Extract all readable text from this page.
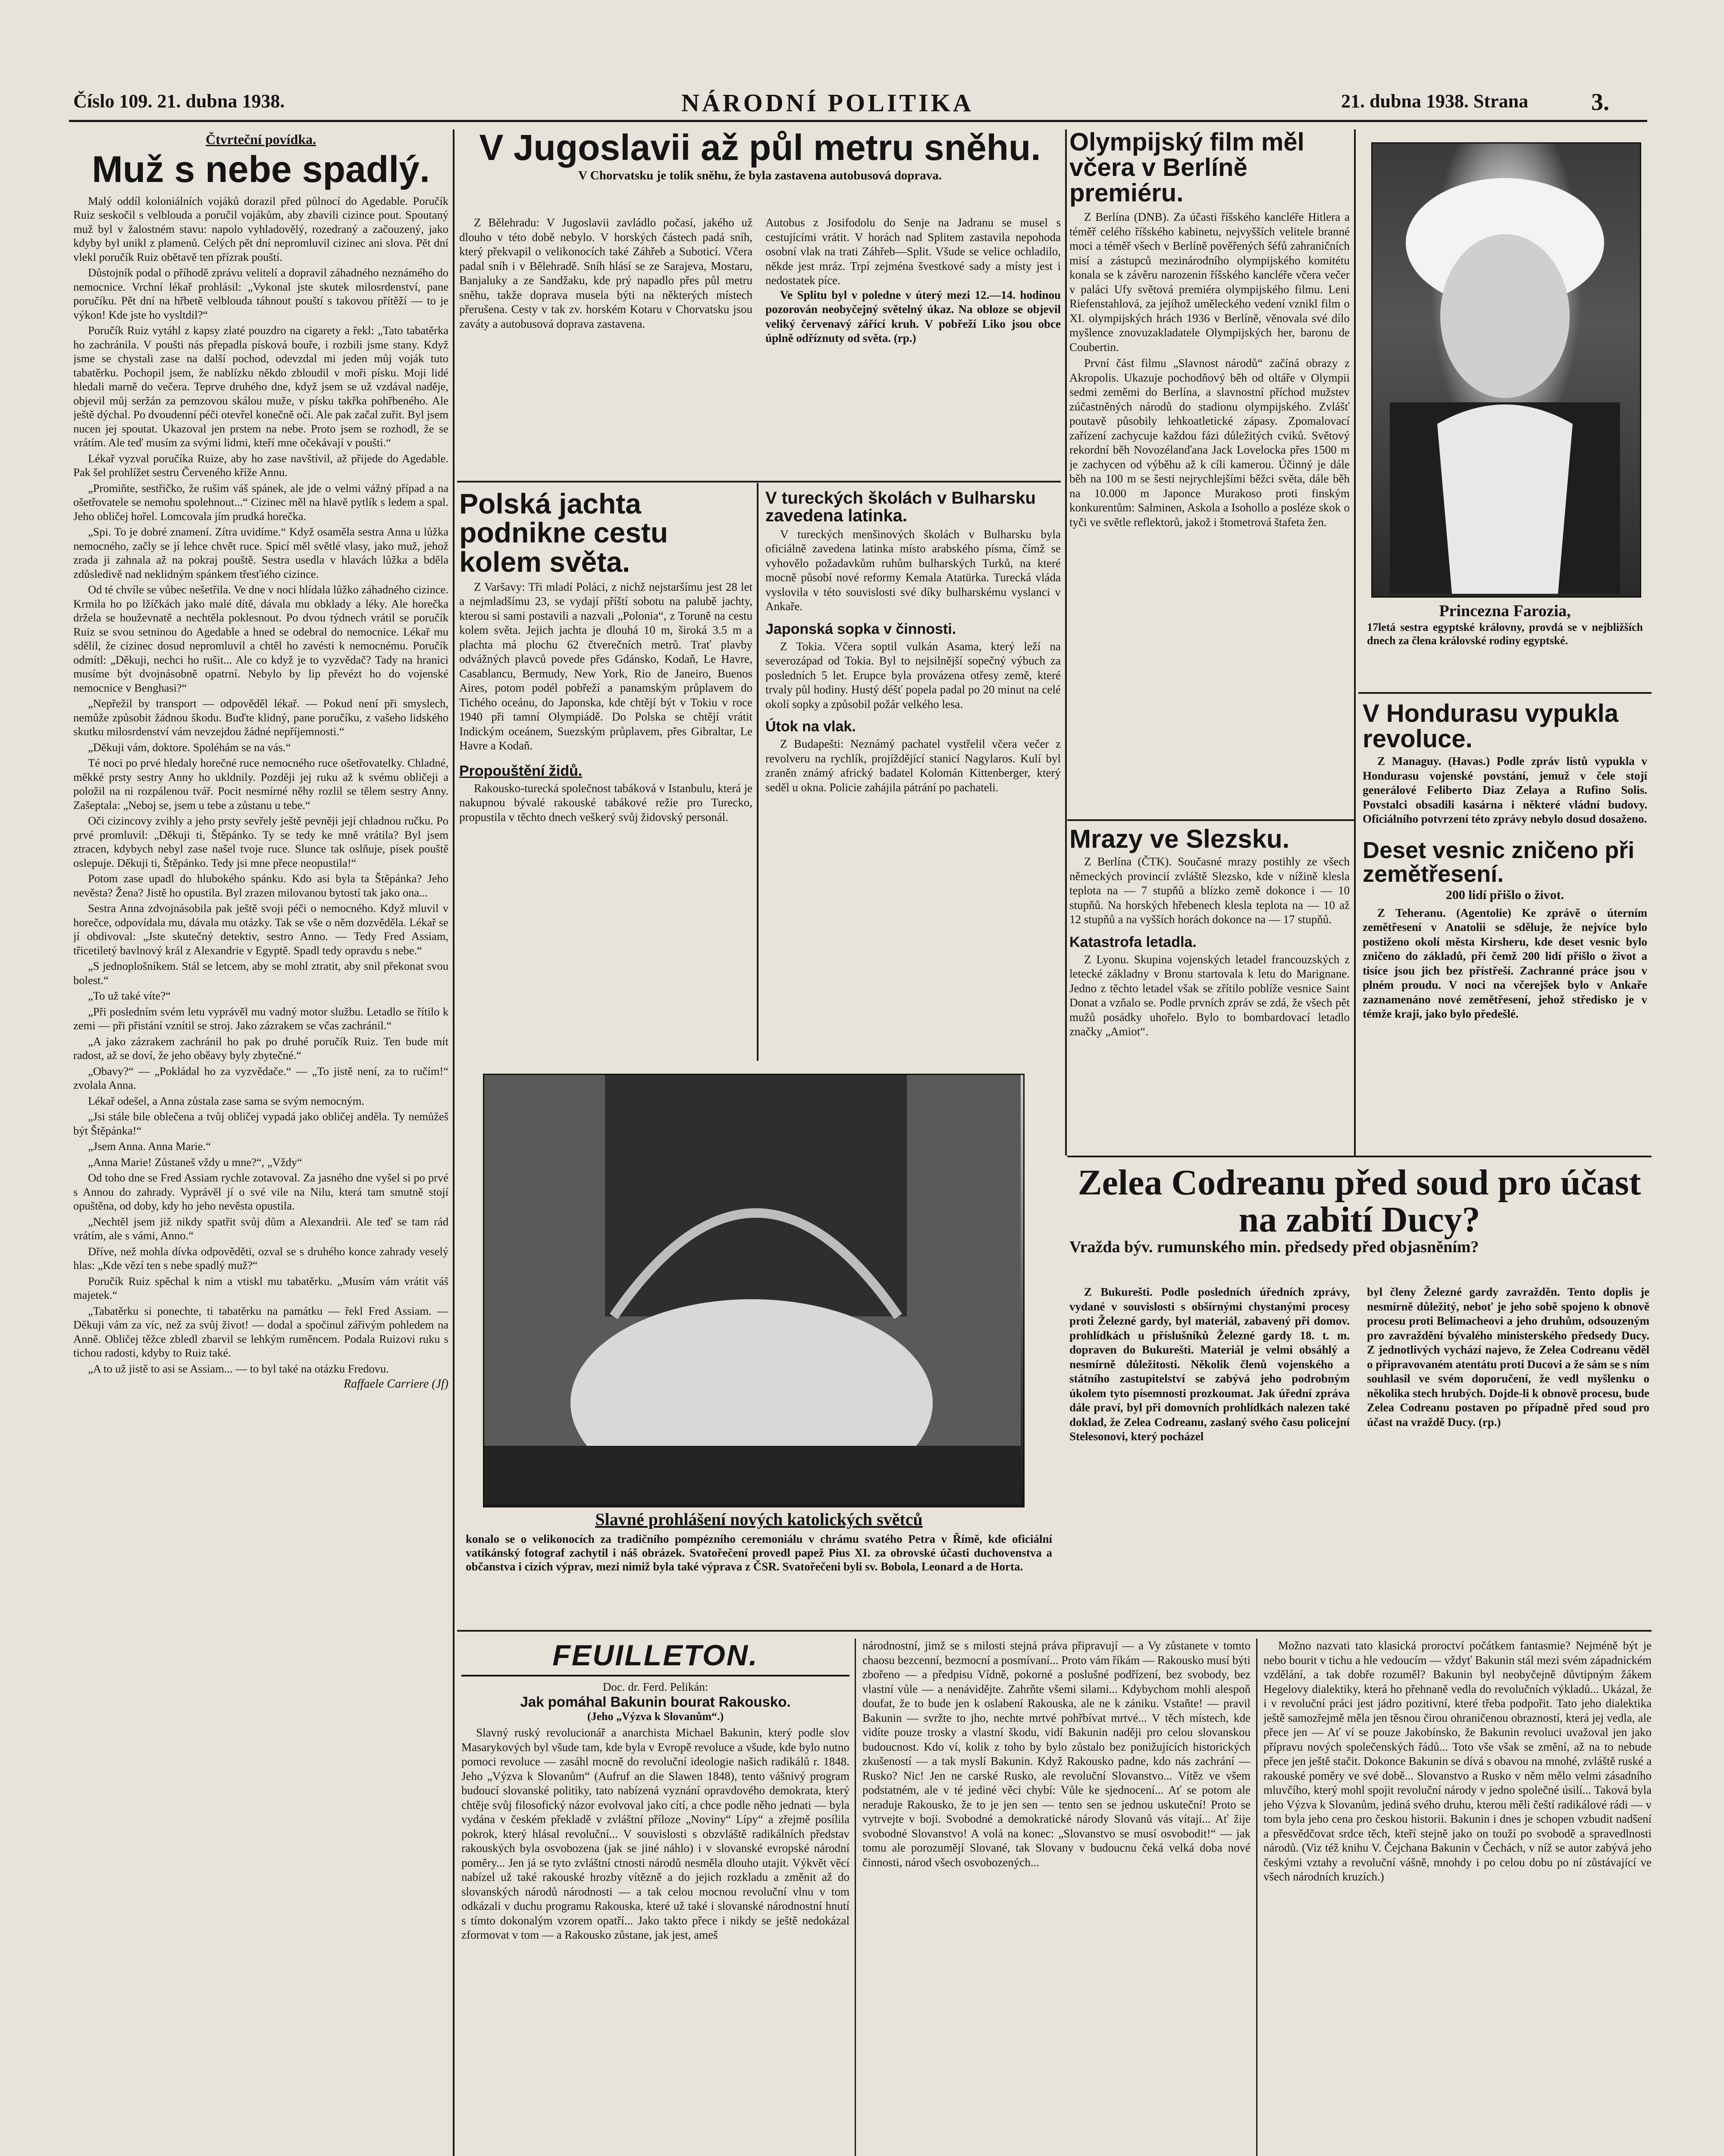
Číslo 109. 21. dubna 1938.	NÁRODNÍ POLITIKA	21. dubna 1938. Strana	3.

Čtvrteční povídka.

Muž s nebe spadlý.

Malý oddíl koloniálních vojáků dorazil před půlnocí do Agedable. Poručík Ruiz seskočil s velblouda a poručil vojákům, aby zbavili cizince pout. Spoutaný muž byl v žalostném stavu: napolo vyhladovělý, rozedraný a začouzený, jako kdyby byl unikl z plamenů. Celých pět dní nepromluvil cizinec ani slova. Pět dní vlekl poručík Ruiz obětavě ten přízrak pouští.

Důstojník podal o příhodě zprávu velitelí a dopravil záhadného neznámého do nemocnice. Vrchní lékař prohlásil: „Vykonal jste skutek milosrdenství, pane poručíku. Pět dní na hřbetě velblouda táhnout pouští s takovou přítěží — to je výkon! Kde jste ho vysltdil?“

Poručík Ruiz vytáhl z kapsy zlaté pouzdro na cigarety a řekl: „Tato tabatěrka ho zachránila. V poušti nás přepadla písková bouře, i rozbili jsme stany. Když jsme se chystali zase na další pochod, odevzdal mi jeden můj voják tuto tabatěrku. Pochopil jsem, že nablízku někdo zbloudil v moři písku. Moji lidé hledali marně do večera. Teprve druhého dne, když jsem se už vzdával naděje, objevil můj seržán za pemzovou skálou muže, v písku takřka pohřbeného. Ale ještě dýchal. Po dvoudenní péči otevřel konečně oči. Ale pak začal zuřit. Byl jsem nucen jej spoutat. Ukazoval jen prstem na nebe. Proto jsem se rozhodl, že se vrátím. Ale teď musím za svými lidmi, kteří mne očekávají v poušti.“

Lékař vyzval poručíka Ruize, aby ho zase navštívil, až přijede do Agedable. Pak šel prohlížet sestru Červeného kříže Annu.

„Promiňte, sestřičko, že rušim váš spánek, ale jde o velmi vážný případ a na ošetřovatele se nemohu spolehnout...“ Cizinec měl na hlavě pytlík s ledem a spal. Jeho obličej hořel. Lomcovala jím prudká horečka.

„Spi. To je dobré znamení. Zítra uvidíme.“ Když osaměla sestra Anna u lůžka nemocného, začly se jí lehce chvět ruce. Spicí měl světlé vlasy, jako muž, jehož zrada ji zahnala až na pokraj pouště. Sestra usedla v hlavách lůžka a bděla zdůsledivě nad neklidným spánkem třesťiého cizince.

Od té chvíle se vůbec nešetřila. Ve dne v noci hlídala lůžko záhadného cizince. Krmila ho po lžíčkách jako malé dítě, dávala mu obklady a léky. Ale horečka držela se houževnatě a nechtěla poklesnout. Po dvou týdnech vrátil se poručík Ruiz se svou setninou do Agedable a hned se odebral do nemocnice. Lékař mu sdělil, že cizinec dosud nepromluvil a chtěl ho zavésti k nemocnému. Poručík odmítl: „Děkuji, nechci ho rušit... Ale co když je to vyzvědač? Tady na hranici musíme být dvojnásobně opatrní. Nebylo by lip převézt ho do vojenské nemocnice v Benghasi?“

„Nepřežil by transport — odpověděl lékař. — Pokud není při smyslech, nemůže způsobit žádnou škodu. Buďte klidný, pane poručíku, z vašeho lidského skutku milosrdenství vám nevzejdou žádné nepříjemnosti.“

„Děkuji vám, doktore. Spoléhám se na vás.“

Té noci po prvé hledaly horečné ruce nemocného ruce ošetřovatelky. Chladné, měkké prsty sestry Anny ho ukldnily. Později jej ruku až k svému obličeji a položil na ni rozpálenou tvář. Pocit nesmírné něhy rozlil se tělem sestry Anny. Zašeptala: „Neboj se, jsem u tebe a zůstanu u tebe.“

Oči cizincovy zvihly a jeho prsty sevřely ještě pevněji její chladnou ručku. Po prvé promluvil: „Děkuji ti, Štěpánko. Ty se tedy ke mně vrátila? Byl jsem ztracen, kdybych nebyl zase našel tvoje ruce. Slunce tak oslňuje, písek pouště oslepuje. Děkuji ti, Štěpánko. Tedy jsi mne přece neopustila!“

Potom zase upadl do hlubokého spánku. Kdo asi byla ta Štěpánka? Jeho nevěsta? Žena? Jistě ho opustila. Byl zrazen milovanou bytostí tak jako ona...

Sestra Anna zdvojnásobila pak ještě svoji péči o nemocného. Když mluvil v horečce, odpovídala mu, dávala mu otázky. Tak se vše o něm dozvěděla. Lékař se jí obdivoval: „Jste skutečný detektiv, sestro Anno. — Tedy Fred Assiam, třicetiletý bavlnový král z Alexandrie v Egyptě. Spadl tedy opravdu s nebe.“

„S jednoplošníkem. Stál se letcem, aby se mohl ztratit, aby snil překonat svou bolest.“

„To už také víte?“

„Při posledním svém letu vyprávěl mu vadný motor službu. Letadlo se řítilo k zemi — při přistání vznítil se stroj. Jako zázrakem se včas zachránil.“

„A jako zázrakem zachránil ho pak po druhé poručík Ruiz. Ten bude mít radost, až se doví, že jeho oběavy byly zbytečné.“

„Obavy?“ — „Pokládal ho za vyzvědače.“ — „To jistě není, za to ručím!“ zvolala Anna.

Lékař odešel, a Anna zůstala zase sama se svým nemocným.

„Jsi stále bile oblečena a tvůj obličej vypadá jako obličej anděla. Ty nemůžeš být Štěpánka!“

„Jsem Anna. Anna Marie.“

„Anna Marie! Zůstaneš vždy u mne?“, „Vždy“

Od toho dne se Fred Assiam rychle zotavoval. Za jasného dne vyšel si po prvé s Annou do zahrady. Vyprávěl jí o své vile na Nilu, která tam smutně stojí opuštěna, od doby, kdy ho jeho nevěsta opustila.

„Nechtěl jsem již nikdy spatřit svůj dům a Alexandrii. Ale teď se tam rád vrátím, ale s vámi, Anno.“

Dříve, než mohla dívka odpověděti, ozval se s druhého konce zahrady veselý hlas: „Kde vězí ten s nebe spadlý muž?“

Poručík Ruiz spěchal k nim a vtiskl mu tabatěrku. „Musím vám vrátit váš majetek.“

„Tabatěrku si ponechte, ti tabatěrku na památku — řekl Fred Assiam. — Děkuji vám za víc, než za svůj život! — dodal a spočinul zářivým pohledem na Anně. Obličej těžce zbledl zbarvil se lehkým ruměncem. Podala Ruizovi ruku s tichou radosti, kdyby to Ruiz také.

„A to už jistě to asi se Assiam... — to byl také na otázku Fredovu.

Raffaele Carriere (Jf)

V Jugoslavii až půl metru sněhu.

V Chorvatsku je tolik sněhu, že byla zastavena autobusová doprava.

Z Bělehradu: V Jugoslavii zavládlo počasí, jakého už dlouho v této době nebylo. V horských částech padá sníh, který překvapil o velikonocích také Záhřeb a Suboticí. Včera padal sníh i v Bělehradě. Sníh hlásí se ze Sarajeva, Mostaru, Banjaluky a ze Sandžaku, kde prý napadlo přes půl metru sněhu, takže doprava musela býti na některých místech přerušena. Cesty v tak zv. horském Kotaru v Chorvatsku jsou zaváty a autobusová doprava zastavena.
Autobus z Josifodolu do Senje na Jadranu se musel s cestujícími vrátit. V horách nad Splitem zastavila nepohoda osobní vlak na trati Záhřeb—Split. Všude se velice ochladilo, někde jest mráz. Trpí zejména švestkové sady a místy jest i nedostatek píce.
Ve Splitu byl v poledne v úterý mezi 12.—14. hodinou pozorován neobyčejný světelný úkaz. Na obloze se objevil veliký červenavý zářící kruh. V pobřeží Liko jsou obce úplně odříznuty od světa. (rp.)
Olympijský film měl včera v Berlíně premiéru.

Z Berlína (DNB). Za účasti říšského kancléře Hitlera a téměř celého říšského kabinetu, nejvyšších velitele branné moci a téměř všech v Berlíně pověřených šéfů zahraničních misí a zástupců mezinárodního olympijského komitétu konala se k závěru narozenin říšského kancléře včera večer v paláci Ufy světová premiéra olympijského filmu. Leni Riefenstahlová, za jejíhož uměleckého vedení vznikl film o XI. olympijských hrách 1936 v Berlíně, věnovala své dílo myšlence znovuzakladatele Olympijských her, baronu de Coubertin.

První část filmu „Slavnost národů“ začíná obrazy z Akropolis. Ukazuje pochodňový běh od oltáře v Olympii sedmi zeměmi do Berlína, a slavnostní příchod mužstev zúčastněných národů do stadionu olympijského. Zvlášť poutavě působily lehkoatletické zápasy. Zpomalovací zařízení zachycuje každou fázi důležitých cviků. Světový rekordní běh Novozélanďana Jack Lovelocka přes 1500 m je zachycen od výběhu až k cíli kamerou. Účinný je dále běh na 100 m se šesti nejrychlejšími běžci světa, dále běh na 10.000 m Japonce Murakoso proti finským konkurentům: Salminen, Askola a Isohollo a posléze skok o tyči ve světle reflektorů, jakož i štometrová štafeta žen.

Princezna Farozia,

17letá sestra egyptské královny, provdá se v nejbližších dnech za člena královské rodiny egyptské.

V Hondurasu vypukla revoluce.
Z Managuy. (Havas.) Podle zpráv listů vypukla v Hondurasu vojenské povstání, jemuž v čele stojí generálové Feliberto Diaz Zelaya a Rufino Solis. Povstalci obsadili kasárna i některé vládní budovy. Oficiálního potvrzení této zprávy nebylo dosud dosaženo.
Deset vesnic zničeno při zemětřesení.

200 lidí přišlo o život.

Z Teheranu. (Agentolie) Ke zprávě o úterním zemětřesení v Anatolii se sděluje, že nejvíce bylo postiženo okolí města Kirsheru, kde deset vesnic bylo zničeno do základů, při čemž 200 lidí přišlo o život a tisíce jsou jich bez přístřeší. Zachranné práce jsou v plném proudu. V noci na včerejšek bylo v Ankaře zaznamenáno nové zemětřesení, jehož středisko je v témže kraji, jako bylo předešlé.
Polská jachta podnikne cestu kolem světa.
Z Varšavy: Tři mladí Poláci, z nichž nejstaršímu jest 28 let a nejmladšímu 23, se vydají příští sobotu na palubě jachty, kterou si sami postavili a nazvali „Polonia“, z Toruně na cestu kolem světa. Jejich jachta je dlouhá 10 m, široká 3.5 m a plachta má plochu 62 čtverečních metrů. Trať plavby odvážných plavců povede přes Gdánsko, Kodaň, Le Havre, Casablancu, Bermudy, New York, Rio de Janeiro, Buenos Aires, potom podél pobřeží a panamským průplavem do Tichého oceánu, do Japonska, kde chtějí být v Tokiu v roce 1940 při tamní Olympiádě. Do Polska se chtějí vrátit Indickým oceánem, Suezským průplavem, přes Gibraltar, Le Havre a Kodaň.

Propouštění židů.

Rakousko-turecká společnost tabáková v Istanbulu, která je nakupnou bývalé rakouské tabákové režie pro Turecko, propustila v těchto dnech veškerý svůj židovský personál.
V tureckých školách v Bulharsku zavedena latinka.
V tureckých menšinových školách v Bulharsku byla oficiálně zavedena latinka místo arabského písma, čímž se vyhovělo požadavkům ruhům bulharských Turků, na které mocně působí nové reformy Kemala Atatürka. Turecká vláda vyslovila v této souvislosti své díky bulharskému vyslanci v Ankaře.

Japonská sopka v činnosti.

Z Tokia. Včera soptil vulkán Asama, který leží na severozápad od Tokia. Byl to nejsilnější sopečný výbuch za posledních 5 let. Erupce byla provázena otřesy země, které trvaly půl hodiny. Hustý déšť popela padal po 20 minut na celé okolí sopky a způsobil požár velkého lesa.

Útok na vlak.

Z Budapešti: Neznámý pachatel vystřelil včera večer z revolveru na rychlík, projíždějící stanicí Nagylaros. Kulí byl zraněn známý africký badatel Kolomán Kittenberger, který seděl u okna. Policie zahájila pátrání po pachateli.
Mrazy ve Slezsku.
Z Berlína (ČTK). Současné mrazy postihly ze všech německých provincií zvláště Slezsko, kde v nížině klesla teplota na — 7 stupňů a blízko země dokonce i — 10 stupňů. Na horských hřebenech klesla teplota na — 10 až 12 stupňů a na vyšších horách dokonce na — 17 stupňů.

Katastrofa letadla.

Z Lyonu. Skupina vojenských letadel francouzských z letecké základny v Bronu startovala k letu do Marignane. Jedno z těchto letadel však se zřítilo poblíže vesnice Saint Donat a vzňalo se. Podle prvních zpráv se zdá, že všech pět mužů posádky uhořelo. Bylo to bombardovací letadlo značky „Amiot“.

Slavné prohlášení nových katolických světců

konalo se o velikonocích za tradičního pompézního ceremoniálu v chrámu svatého Petra v Římě, kde oficiální vatikánský fotograf zachytil i náš obrázek. Svatořečení provedl papež Pius XI. za obrovské účasti duchovenstva a občanstva i cizích výprav, mezi nimiž byla také výprava z ČSR. Svatořečeni byli sv. Bobola, Leonard a de Horta.

Zelea Codreanu před soud pro účast na zabití Ducy?

Vražda býv. rumunského min. předsedy před objasněním?

Z Bukurešti. Podle posledních úředních zprávy, vydané v souvislosti s obšírnými chystanými procesy proti Železné gardy, byl materiál, zabavený při domov. prohlídkách u příslušníků Železné gardy 18. t. m. dopraven do Bukurešti. Materiál je velmi obsáhlý a nesmírně důležitosti. Několik členů vojenského a státního zastupitelství se zabývá jeho podrobným úkolem tyto písemnosti prozkoumat. Jak úřední zpráva dále praví, byl při domovních prohlídkách nalezen také doklad, že Zelea Codreanu, zaslaný svého času policejní Stelesonovi, který pocházel
byl členy Železné gardy zavražděn. Tento doplis je nesmírně důležitý, neboť je jeho sobě spojeno k obnově procesu proti Belimacheovi a jeho druhům, odsouzeným pro zavraždění bývalého ministerského předsedy Ducy. Z jednotlivých vychází najevo, že Zelea Codreanu věděl o připravovaném atentátu proti Ducovi a že sám se s ním souhlasil ve svém doporučení, že vedl myšlenku o několika stech hrubých. Dojde-li k obnově procesu, bude Zelea Codreanu postaven po případně před soud pro účast na vraždě Ducy. (rp.)

FEUILLETON.

Doc. dr. Ferd. Pelikán:

Jak pomáhal Bakunin bourat Rakousko.

(Jeho „Výzva k Slovanům“.)

Slavný ruský revolucionář a anarchista Michael Bakunin, který podle slov Masarykových byl všude tam, kde byla v Evropě revoluce a všude, kde bylo nutno pomoci revoluce — zasáhl mocně do revoluční ideologie našich radikálů r. 1848. Jeho „Výzva k Slovanům“ (Aufruf an die Slawen 1848), tento vášnivý program budoucí slovanské politiky, tato nabízená vyznání opravdového demokrata, který chtěje svůj filosofický názor evolvoval jako cítí, a chce podle něho jednati — byla vydána v českém překladě v zvláštní příloze „Noviny“ Lípy“ a zřejmě posílila pokrok, který hlásal revoluční... V souvislosti s obzvláště radikálních představ rakouských byla osvobozena (jak se jiné náhlo) i v slovanské evropské národní poměry... Jen já se tyto zvláštní ctnosti národů nesměla dlouho utajit. Výkvět věcí nabízel už také rakouské hrozby vítězně a do jejich rozkladu a změnit až do slovanských národů národnosti — a tak celou mocnou revoluční vlnu v tom odkázali v duchu programu Rakouska, které už také i slovanské národnostní hnutí s tímto dokonalým vzorem opatří... Jako takto přece i nikdy se ještě nedokázal zformovat v tom — a Rakousko zůstane, jak jest, ameš
národnostní, jimž se s milosti stejná práva připravují — a Vy zůstanete v tomto chaosu bezcenní, bezmocní a posmívaní... Proto vám říkám — Rakousko musí býti zbořeno — a předpisu Vídně, pokorné a poslušné podřízení, bez svobody, bez vlastní vůle — a nenávidějte. Zahrňte všemi silami... Kdybychom mohli alespoň doufat, že to bude jen k oslabení Rakouska, ale ne k zániku. Vstaňte! — pravil Bakunin — svržte to jho, nechte mrtvé pohřbívat mrtvé... V těch místech, kde vidíte pouze trosky a vlastní škodu, vidí Bakunin naději pro celou slovanskou budoucnost. Kdo ví, kolik z toho by bylo zůstalo bez ponižujících historických zkušeností — a tak myslí Bakunin. Když Rakousko padne, kdo nás zachrání — Rusko? Nic! Jen ne carské Rusko, ale revoluční Slovanstvo... Vítěz ve všem podstatném, ale v té jediné věci chybí: Vůle ke sjednocení... Ať se potom ale neraduje Rakousko, že to je jen sen — tento sen se jednou uskuteční! Proto se vytrvejte v boji. Svobodné a demokratické národy Slovanů vás vítají... Ať žije svobodné Slovanstvo! A volá na konec: „Slovanstvo se musí osvobodit!“ — jak tomu ale porozumějí Slované, tak Slovany v budoucnu čeká velká doba nové činnosti, národ všech osvobozených...
Možno nazvati tato klasická proroctví počátkem fantasmie? Nejméně být je nebo bourit v tichu a hle vedoucím — vždyť Bakunin stál mezi svém západnickém vzdělání, a tak dobře rozuměl? Bakunin byl neobyčejně důvtipným žákem Hegelovy dialektiky, která ho přehnaně vedla do revolučních výkladů... Ukázal, že i v revoluční práci jest jádro pozitivní, které třeba podpořit. Tato jeho dialektika ještě samozřejmě měla jen těsnou čirou ohraničenou obrazností, která jej vedla, ale přece jen — Ať ví se pouze Jakobínsko, že Bakunin revoluci uvažoval jen jako přípravu nových společenských řádů... Toto vše však se změní, až na to nebude přece jen ještě stačit. Dokonce Bakunin se dívá s obavou na mnohé, zvláště ruské a rakouské poměry ve své době... Slovanstvo a Rusko v něm mělo velmi zásadního mluvčího, který mohl spojit revoluční národy v jedno společné úsilí... Taková byla jeho Výzva k Slovanům, jediná svého druhu, kterou měli čeští radikálové rádi — v tom byla jeho cena pro českou historii. Bakunin i dnes je schopen vzbudit nadšení a přesvědčovat srdce těch, kteří stejně jako on touží po svobodě a spravedlnosti národů. (Viz též knihu V. Čejchana Bakunin v Čechách, v níž se autor zabývá jeho českými vztahy a revoluční vášně, mnohdy i po celou dobu po ní zůstávající ve všech národních kruzích.)
